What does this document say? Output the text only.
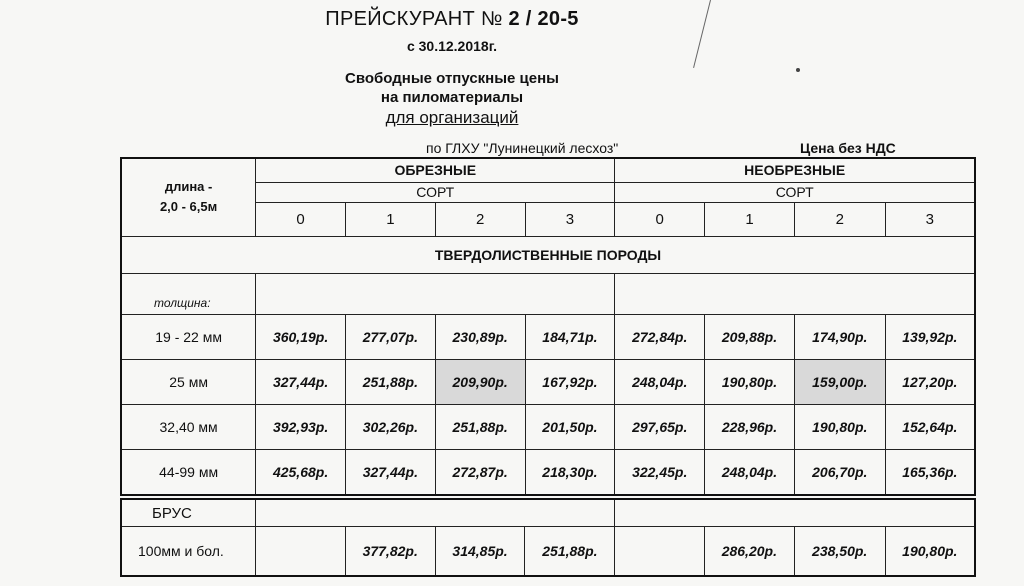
ПРЕЙСКУРАНТ № 2 / 20-5
с 30.12.2018г.
Свободные отпускные цены
на пиломатериалы
для организаций
по ГЛХУ "Лунинецкий лесхоз"	Цена без НДС
длина -
2,0 - 6,5м	ОБРЕЗНЫЕ				НЕОБРЕЗНЫЕ			
	СОРТ				СОРТ			
	0	1	2	3	0	1	2	3
ТВЕРДОЛИСТВЕННЫЕ ПОРОДЫ								
толщина:								
19 - 22 мм	360,19р.	277,07р.	230,89р.	184,71р.	272,84р.	209,88р.	174,90р.	139,92р.
25 мм	327,44р.	251,88р.	209,90р.	167,92р.	248,04р.	190,80р.	159,00р.	127,20р.
32,40 мм	392,93р.	302,26р.	251,88р.	201,50р.	297,65р.	228,96р.	190,80р.	152,64р.
44-99 мм	425,68р.	327,44р.	272,87р.	218,30р.	322,45р.	248,04р.	206,70р.	165,36р.
БРУС								
100мм и бол.		377,82р.	314,85р.	251,88р.		286,20р.	238,50р.	190,80р.
